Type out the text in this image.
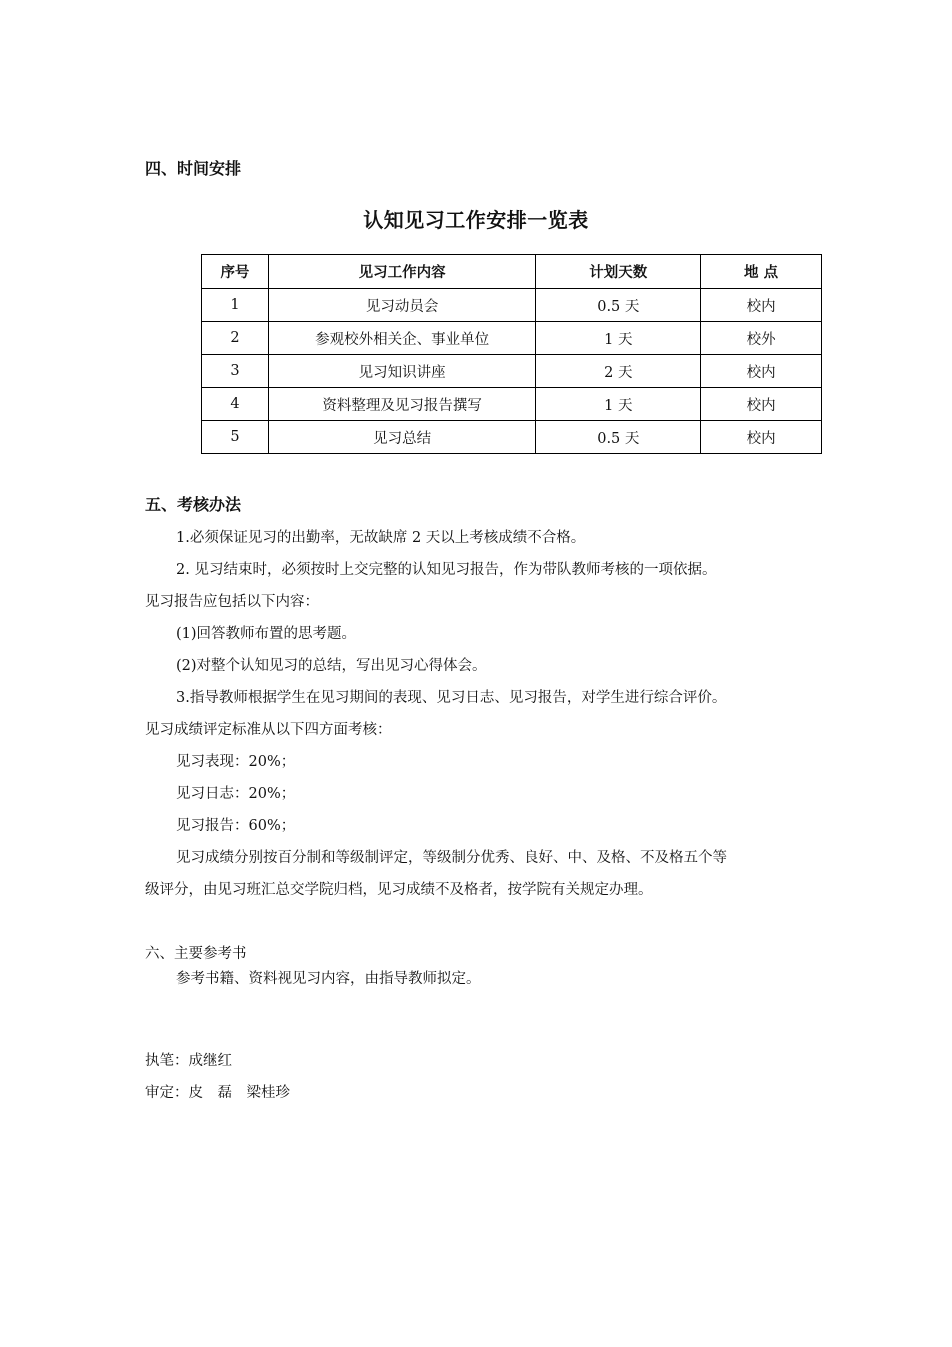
四、时间安排
认知见习工作安排一览表
序号	见习工作内容	计划天数	地 点
1	见习动员会	0.5 天	校内
2	参观校外相关企、事业单位	1 天	校外
3	见习知识讲座	2 天	校内
4	资料整理及见习报告撰写	1 天	校内
5	见习总结	0.5 天	校内
五、考核办法
1.必须保证见习的出勤率，无故缺席 2 天以上考核成绩不合格。
2. 见习结束时，必须按时上交完整的认知见习报告，作为带队教师考核的一项依据。
见习报告应包括以下内容：
(1)回答教师布置的思考题。
(2)对整个认知见习的总结，写出见习心得体会。
3.指导教师根据学生在见习期间的表现、见习日志、见习报告，对学生进行综合评价。
见习成绩评定标准从以下四方面考核：
见习表现：20%；
见习日志：20%；
见习报告：60%；
见习成绩分别按百分制和等级制评定，等级制分优秀、良好、中、及格、不及格五个等
级评分，由见习班汇总交学院归档，见习成绩不及格者，按学院有关规定办理。
六、主要参考书
参考书籍、资料视见习内容，由指导教师拟定。
执笔：成继红
审定：皮　磊　梁桂珍
